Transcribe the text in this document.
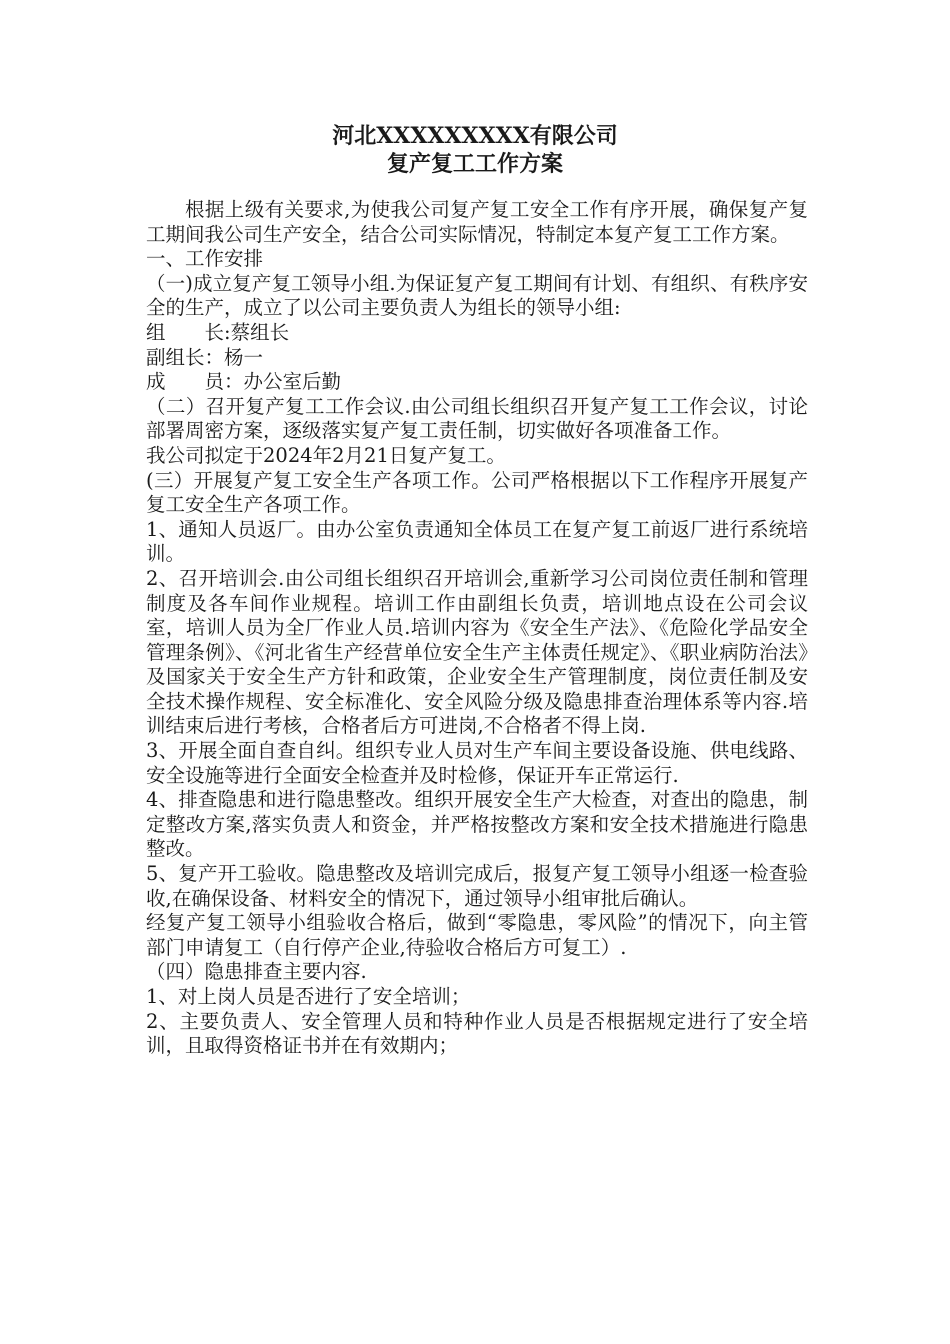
河北XXXXXXXXX有限公司

复产复工工作方案

根据上级有关要求,为使我公司复产复工安全工作有序开展，确保复产复工期间我公司生产安全，结合公司实际情况，特制定本复产复工工作方案。

一、工作安排

（一)成立复产复工领导小组.为保证复产复工期间有计划、有组织、有秩序安全的生产，成立了以公司主要负责人为组长的领导小组:

组　　长:蔡组长

副组长：杨一

成　　员：办公室后勤

（二）召开复产复工工作会议.由公司组长组织召开复产复工工作会议，讨论部署周密方案，逐级落实复产复工责任制，切实做好各项准备工作。

我公司拟定于2024年2月21日复产复工。

(三）开展复产复工安全生产各项工作。公司严格根据以下工作程序开展复产复工安全生产各项工作。

1、通知人员返厂。由办公室负责通知全体员工在复产复工前返厂进行系统培训。

2、召开培训会.由公司组长组织召开培训会,重新学习公司岗位责任制和管理制度及各车间作业规程。培训工作由副组长负责，培训地点设在公司会议室，培训人员为全厂作业人员.培训内容为《安全生产法》、《危险化学品安全管理条例》、《河北省生产经营单位安全生产主体责任规定》、《职业病防治法》及国家关于安全生产方针和政策，企业安全生产管理制度，岗位责任制及安全技术操作规程、安全标准化、安全风险分级及隐患排查治理体系等内容.培训结束后进行考核，合格者后方可进岗,不合格者不得上岗.

3、开展全面自查自纠。组织专业人员对生产车间主要设备设施、供电线路、安全设施等进行全面安全检查并及时检修，保证开车正常运行.

4、排查隐患和进行隐患整改。组织开展安全生产大检查，对查出的隐患，制定整改方案,落实负责人和资金，并严格按整改方案和安全技术措施进行隐患整改。

5、复产开工验收。隐患整改及培训完成后，报复产复工领导小组逐一检查验收,在确保设备、材料安全的情况下，通过领导小组审批后确认。

经复产复工领导小组验收合格后，做到“零隐患，零风险”的情况下，向主管部门申请复工（自行停产企业,待验收合格后方可复工）.

（四）隐患排查主要内容.

1、对上岗人员是否进行了安全培训；

2、主要负责人、安全管理人员和特种作业人员是否根据规定进行了安全培训，且取得资格证书并在有效期内；
